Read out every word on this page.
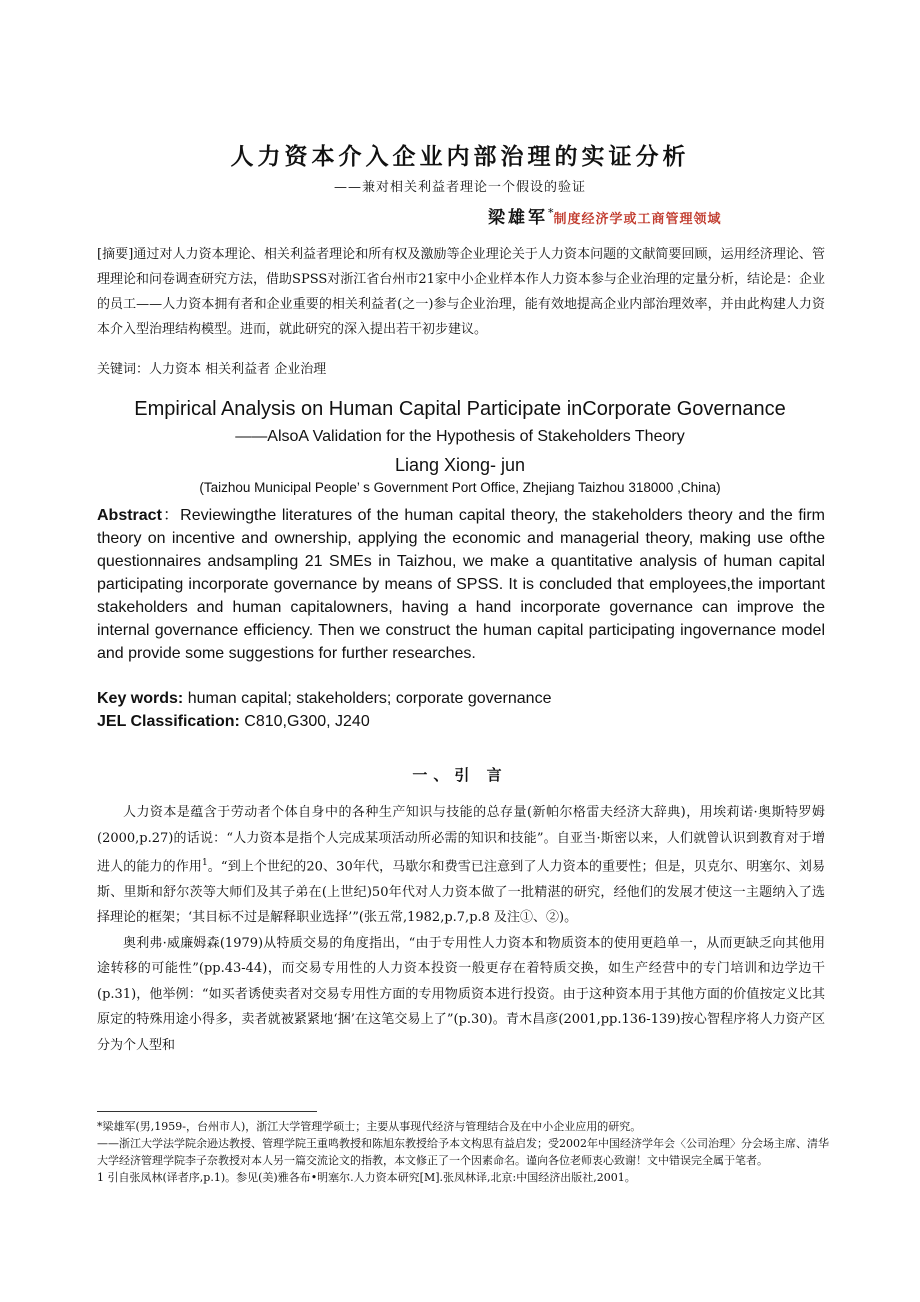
人力资本介入企业内部治理的实证分析
——兼对相关利益者理论一个假设的验证
梁雄军*制度经济学或工商管理领域
[摘要]通过对人力资本理论、相关利益者理论和所有权及激励等企业理论关于人力资本问题的文献简要回顾，运用经济理论、管理理论和问卷调查研究方法，借助SPSS对浙江省台州市21家中小企业样本作人力资本参与企业治理的定量分析，结论是：企业的员工——人力资本拥有者和企业重要的相关利益者(之一)参与企业治理，能有效地提高企业内部治理效率，并由此构建人力资本介入型治理结构模型。进而，就此研究的深入提出若干初步建议。
关键词：人力资本 相关利益者 企业治理
Empirical Analysis on Human Capital Participate inCorporate Governance
——AlsoA Validation for the Hypothesis of Stakeholders Theory
Liang Xiong- jun
(Taizhou Municipal People’ s Government Port Office, Zhejiang Taizhou 318000 ,China)
Abstract：Reviewingthe literatures of the human capital theory, the stakeholders theory and the firm theory on incentive and ownership, applying the economic and managerial theory, making use ofthe questionnaires andsampling 21 SMEs in Taizhou, we make a quantitative analysis of human capital participating incorporate governance by means of SPSS. It is concluded that employees,the important stakeholders and human capitalowners, having a hand incorporate governance can improve the internal governance efficiency. Then we construct the human capital participating ingovernance model and provide some suggestions for further researches.
Key words: human capital; stakeholders; corporate governance
JEL Classification: C810,G300, J240
一、引 言

人力资本是蕴含于劳动者个体自身中的各种生产知识与技能的总存量(新帕尔格雷夫经济大辞典)，用埃莉诺·奥斯特罗姆(2000,p.27)的话说：“人力资本是指个人完成某项活动所必需的知识和技能”。自亚当·斯密以来，人们就曾认识到教育对于增进人的能力的作用$^1$。“到上个世纪的20、30年代，马歇尔和费雪已注意到了人力资本的重要性；但是，贝克尔、明塞尔、刘易斯、里斯和舒尔茨等大师们及其子弟在(上世纪)50年代对人力资本做了一批精湛的研究，经他们的发展才使这一主题纳入了选择理论的框架；‘其目标不过是解释职业选择’”(张五常,1982,p.7,p.8 及注①、②)。

奥利弗·威廉姆森(1979)从特质交易的角度指出，“由于专用性人力资本和物质资本的使用更趋单一，从而更缺乏向其他用途转移的可能性”(pp.43-44)，而交易专用性的人力资本投资一般更存在着特质交换，如生产经营中的专门培训和边学边干(p.31)，他举例：“如买者诱使卖者对交易专用性方面的专用物质资本进行投资。由于这种资本用于其他方面的价值按定义比其原定的特殊用途小得多，卖者就被紧紧地‘捆’在这笔交易上了”(p.30)。青木昌彦(2001,pp.136-139)按心智程序将人力资产区分为个人型和

*梁雄军(男,1959-，台州市人)，浙江大学管理学硕士；主要从事现代经济与管理结合及在中小企业应用的研究。
——浙江大学法学院余逊达教授、管理学院王重鸣教授和陈旭东教授给予本文构思有益启发；受2002年中国经济学年会〈公司治理〉分会场主席、清华大学经济管理学院李子奈教授对本人另一篇交流论文的指教，本文修正了一个因素命名。谨向各位老师衷心致谢！文中错误完全属于笔者。
1 引自张凤林(译者序,p.1)。参见(美)雅各布•明塞尔.人力资本研究[M].张凤林译,北京:中国经济出版社,2001。
